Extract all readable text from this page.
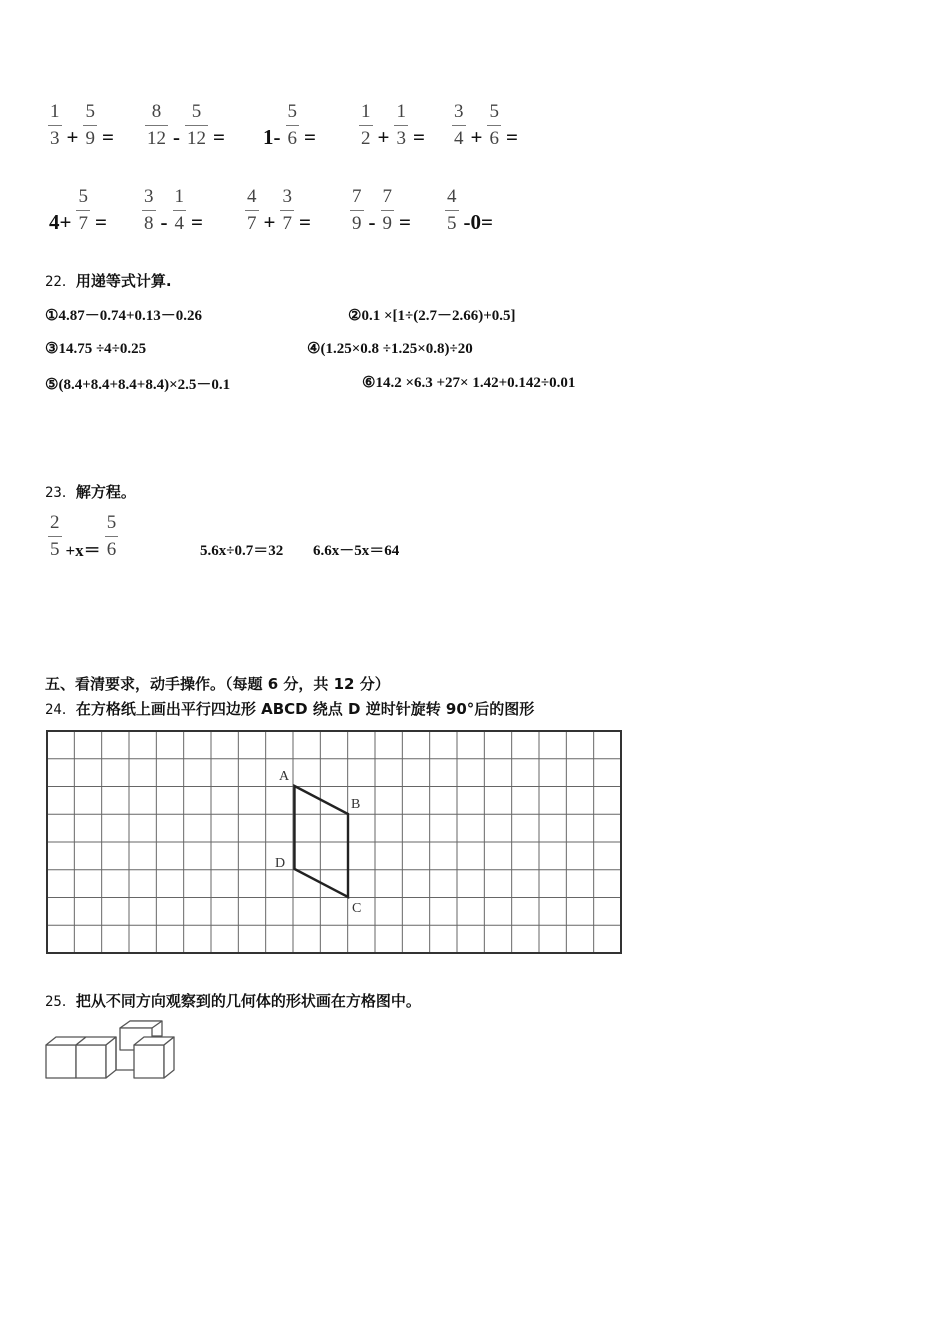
$\frac{1}{3} + \frac{5}{9} = \frac{8}{12} - \frac{5}{12} = 1- \frac{5}{6} = \frac{1}{2} + \frac{1}{3} = \frac{3}{4} + \frac{5}{6}$ =
$4+ \frac{5}{7} = \frac{3}{8} - \frac{1}{4} = \frac{4}{7} + \frac{3}{7} = \frac{7}{9} - \frac{7}{9} = \frac{4}{5} -0=$
22．用递等式计算.
①4.87－0.74+0.13－0.26	②0.1 ×[1÷(2.7－2.66)+0.5]
③14.75 ÷4÷0.25	④(1.25×0.8 ÷1.25×0.8)÷20
⑤(8.4+8.4+8.4+8.4)×2.5－0.1	⑥14.2 ×6.3 +27× 1.42+0.142÷0.01
23．解方程。
$\frac{2}{5} +x= \frac{5}{6}$	5.6x÷0.7＝32 6.6x－5x＝64
五、看清要求，动手操作。（每题 6 分，共 12 分）
24．在方格纸上画出平行四边形 ABCD 绕点 D 逆时针旋转 90°后的图形
A
B
C
D
25．把从不同方向观察到的几何体的形状画在方格图中。
